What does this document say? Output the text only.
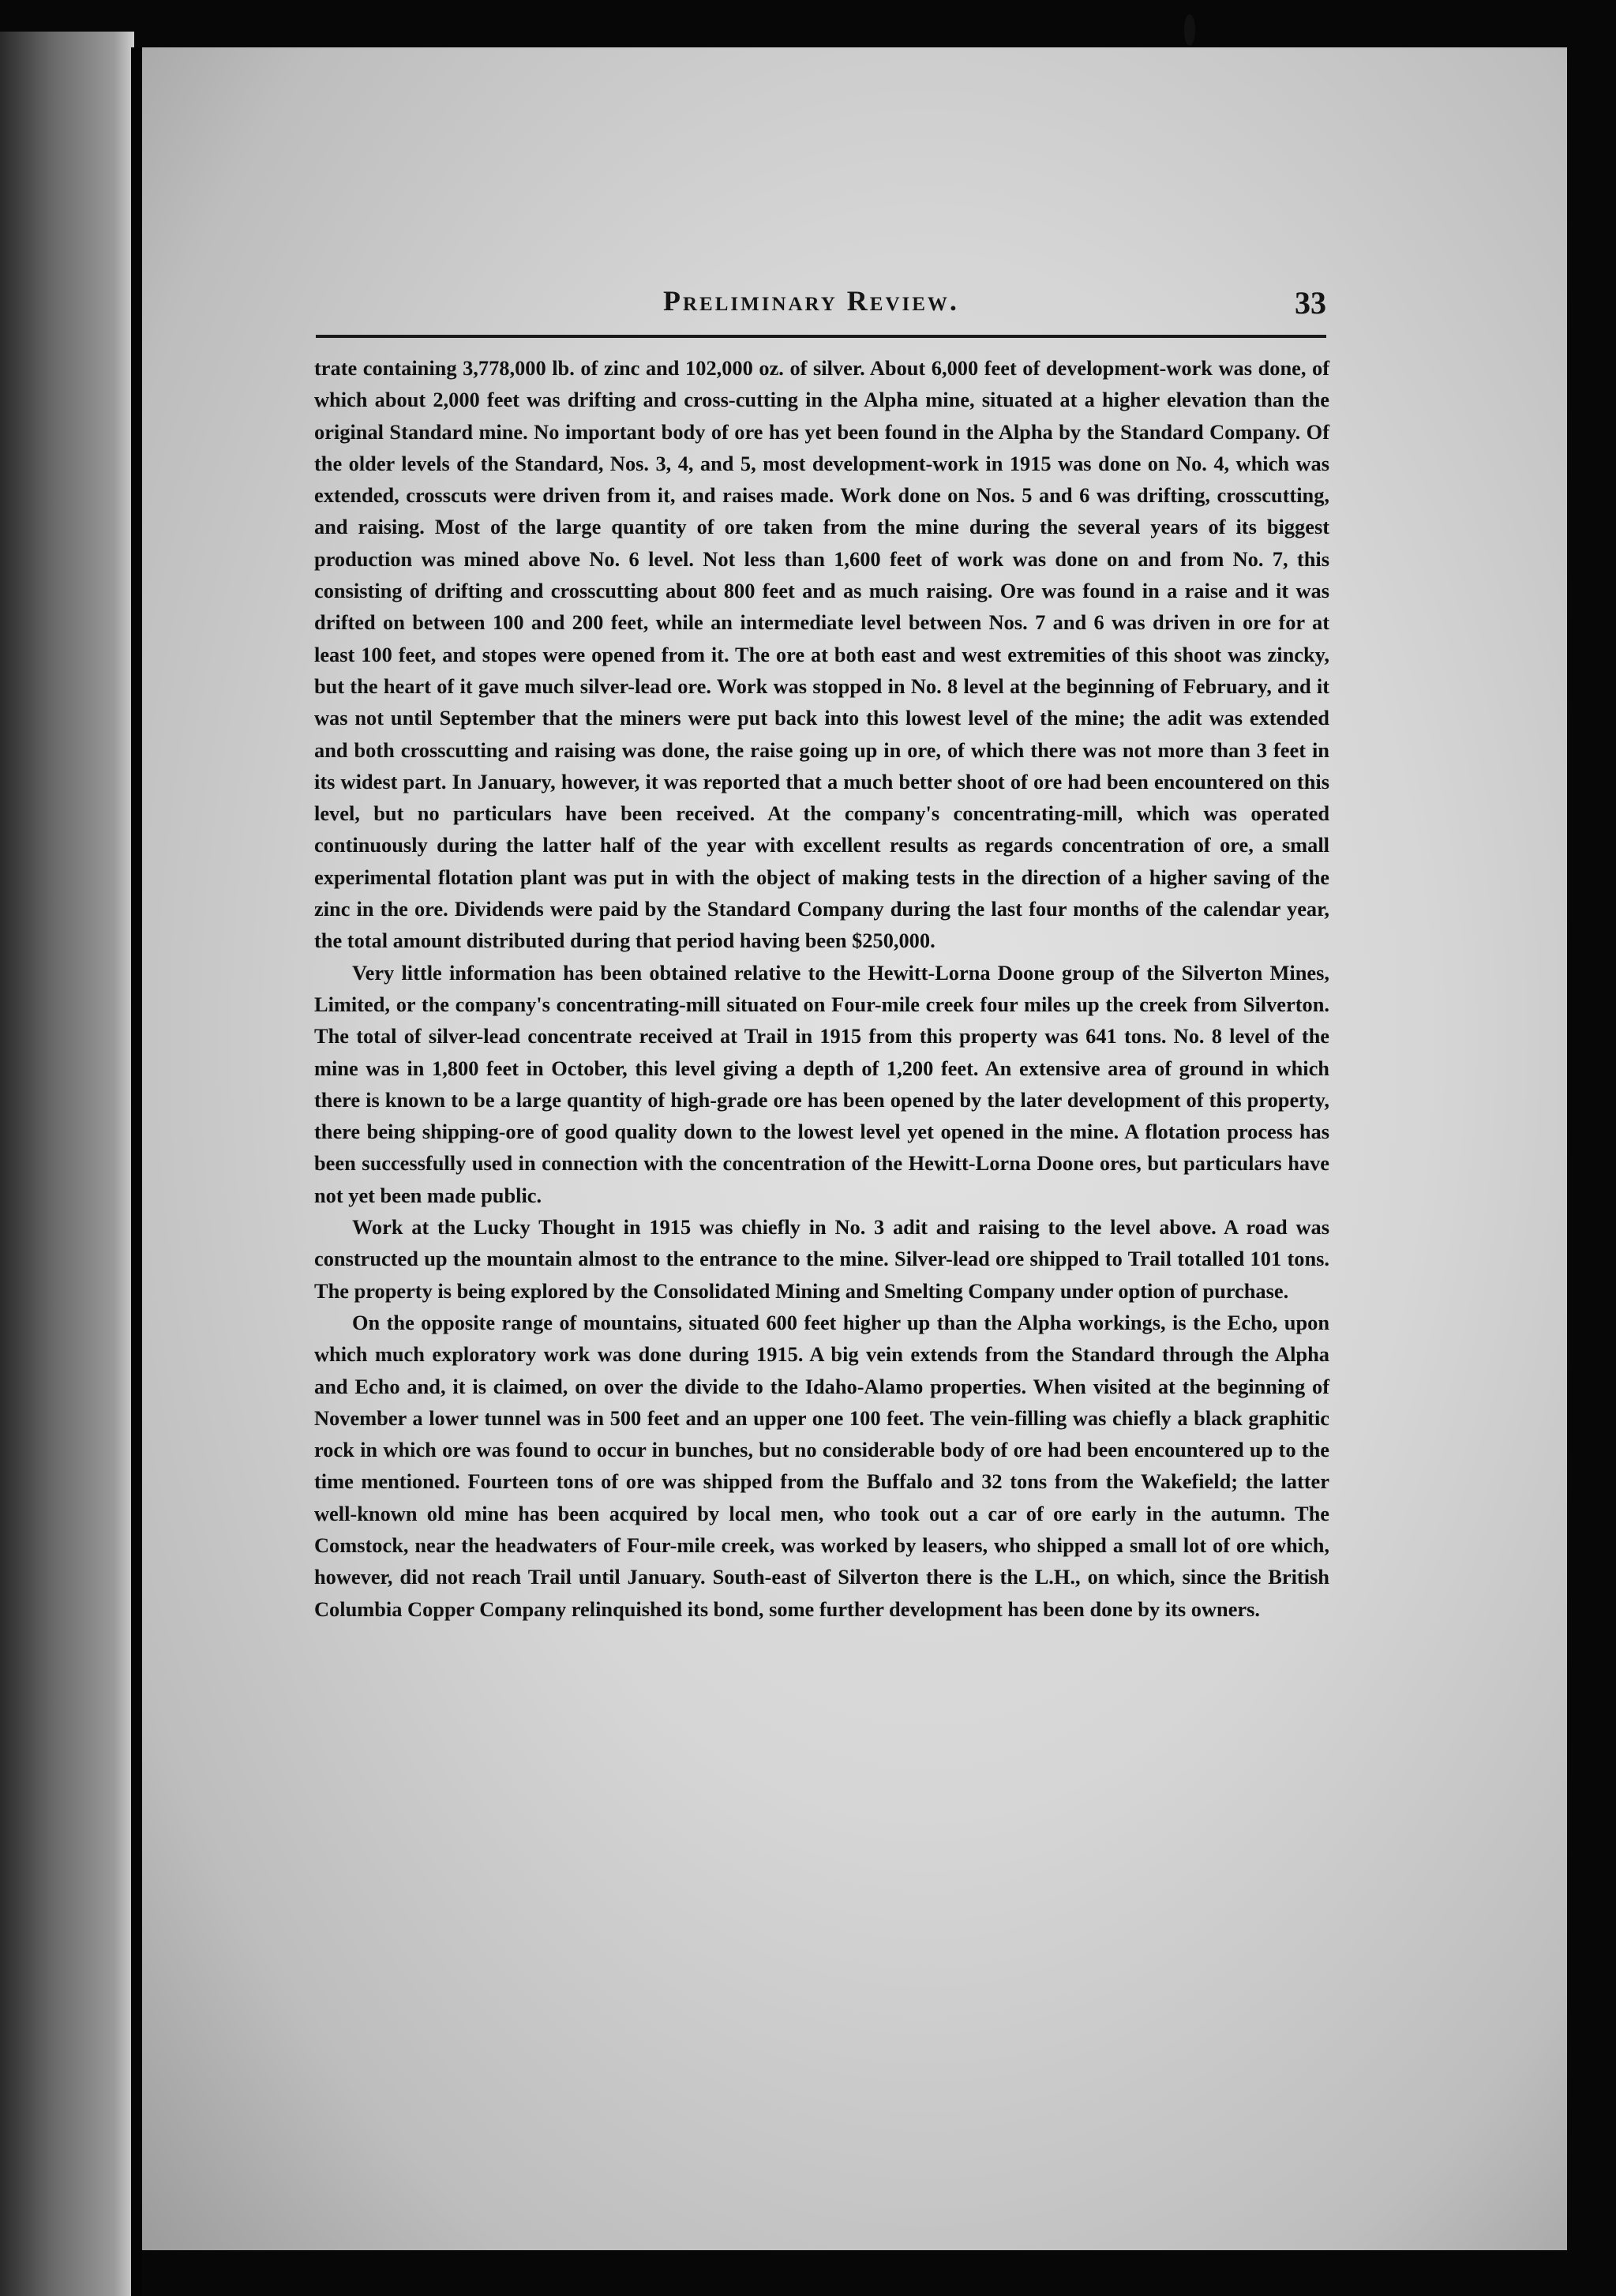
Preliminary Review.	33

trate containing 3,778,000 lb. of zinc and 102,000 oz. of silver. About 6,000 feet of development-work was done, of which about 2,000 feet was drifting and cross-cutting in the Alpha mine, situated at a higher elevation than the original Standard mine. No important body of ore has yet been found in the Alpha by the Standard Company. Of the older levels of the Standard, Nos. 3, 4, and 5, most development-work in 1915 was done on No. 4, which was extended, crosscuts were driven from it, and raises made. Work done on Nos. 5 and 6 was drifting, crosscutting, and raising. Most of the large quantity of ore taken from the mine during the several years of its biggest production was mined above No. 6 level. Not less than 1,600 feet of work was done on and from No. 7, this consisting of drifting and crosscutting about 800 feet and as much raising. Ore was found in a raise and it was drifted on between 100 and 200 feet, while an intermediate level between Nos. 7 and 6 was driven in ore for at least 100 feet, and stopes were opened from it. The ore at both east and west extremities of this shoot was zincky, but the heart of it gave much silver-lead ore. Work was stopped in No. 8 level at the beginning of February, and it was not until September that the miners were put back into this lowest level of the mine; the adit was extended and both crosscutting and raising was done, the raise going up in ore, of which there was not more than 3 feet in its widest part. In January, however, it was reported that a much better shoot of ore had been encountered on this level, but no particulars have been received. At the company's concentrating-mill, which was operated continuously during the latter half of the year with excellent results as regards concentration of ore, a small experimental flotation plant was put in with the object of making tests in the direction of a higher saving of the zinc in the ore. Dividends were paid by the Standard Company during the last four months of the calendar year, the total amount distributed during that period having been $250,000.

Very little information has been obtained relative to the Hewitt-Lorna Doone group of the Silverton Mines, Limited, or the company's concentrating-mill situated on Four-mile creek four miles up the creek from Silverton. The total of silver-lead concentrate received at Trail in 1915 from this property was 641 tons. No. 8 level of the mine was in 1,800 feet in October, this level giving a depth of 1,200 feet. An extensive area of ground in which there is known to be a large quantity of high-grade ore has been opened by the later development of this property, there being shipping-ore of good quality down to the lowest level yet opened in the mine. A flotation process has been successfully used in connection with the concentration of the Hewitt-Lorna Doone ores, but particulars have not yet been made public.

Work at the Lucky Thought in 1915 was chiefly in No. 3 adit and raising to the level above. A road was constructed up the mountain almost to the entrance to the mine. Silver-lead ore shipped to Trail totalled 101 tons. The property is being explored by the Consolidated Mining and Smelting Company under option of purchase.

On the opposite range of mountains, situated 600 feet higher up than the Alpha workings, is the Echo, upon which much exploratory work was done during 1915. A big vein extends from the Standard through the Alpha and Echo and, it is claimed, on over the divide to the Idaho-Alamo properties. When visited at the beginning of November a lower tunnel was in 500 feet and an upper one 100 feet. The vein-filling was chiefly a black graphitic rock in which ore was found to occur in bunches, but no considerable body of ore had been encountered up to the time mentioned. Fourteen tons of ore was shipped from the Buffalo and 32 tons from the Wakefield; the latter well-known old mine has been acquired by local men, who took out a car of ore early in the autumn. The Comstock, near the headwaters of Four-mile creek, was worked by leasers, who shipped a small lot of ore which, however, did not reach Trail until January. South-east of Silverton there is the L.H., on which, since the British Columbia Copper Company relinquished its bond, some further development has been done by its owners.
